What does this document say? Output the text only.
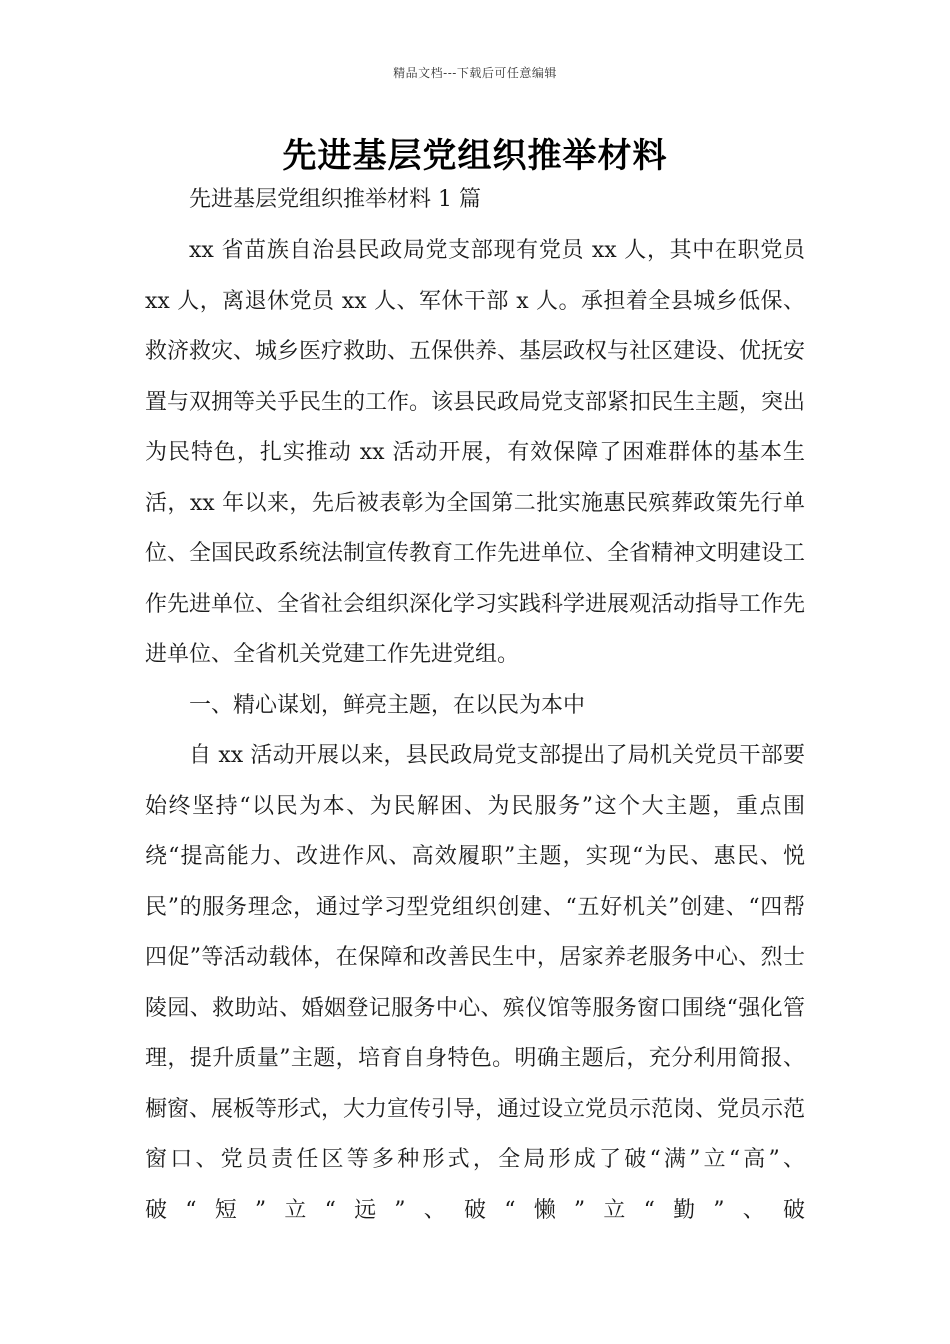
精品文档---下载后可任意编辑
先进基层党组织推举材料

先进基层党组织推举材料 1 篇

xx 省苗族自治县民政局党支部现有党员 xx 人，其中在职党员 xx 人，离退休党员 xx 人、军休干部 x 人。承担着全县城乡低保、救济救灾、城乡医疗救助、五保供养、基层政权与社区建设、优抚安置与双拥等关乎民生的工作。该县民政局党支部紧扣民生主题，突出为民特色，扎实推动 xx 活动开展，有效保障了困难群体的基本生活，xx 年以来，先后被表彰为全国第二批实施惠民殡葬政策先行单位、全国民政系统法制宣传教育工作先进单位、全省精神文明建设工作先进单位、全省社会组织深化学习实践科学进展观活动指导工作先进单位、全省机关党建工作先进党组。

一、精心谋划，鲜亮主题，在以民为本中

自 xx 活动开展以来，县民政局党支部提出了局机关党员干部要始终坚持“以民为本、为民解困、为民服务”这个大主题，重点围绕“提高能力、改进作风、高效履职”主题，实现“为民、惠民、悦民”的服务理念，通过学习型党组织创建、“五好机关”创建、“四帮四促”等活动载体，在保障和改善民生中，居家养老服务中心、烈士陵园、救助站、婚姻登记服务中心、殡仪馆等服务窗口围绕“强化管理，提升质量”主题，培育自身特色。明确主题后，充分利用简报、橱窗、展板等形式，大力宣传引导，通过设立党员示范岗、党员示范窗口、党员责任区等多种形式，全局形成了破“满”立“高”、破“短”立“远”、破“懒”立“勤”、破
